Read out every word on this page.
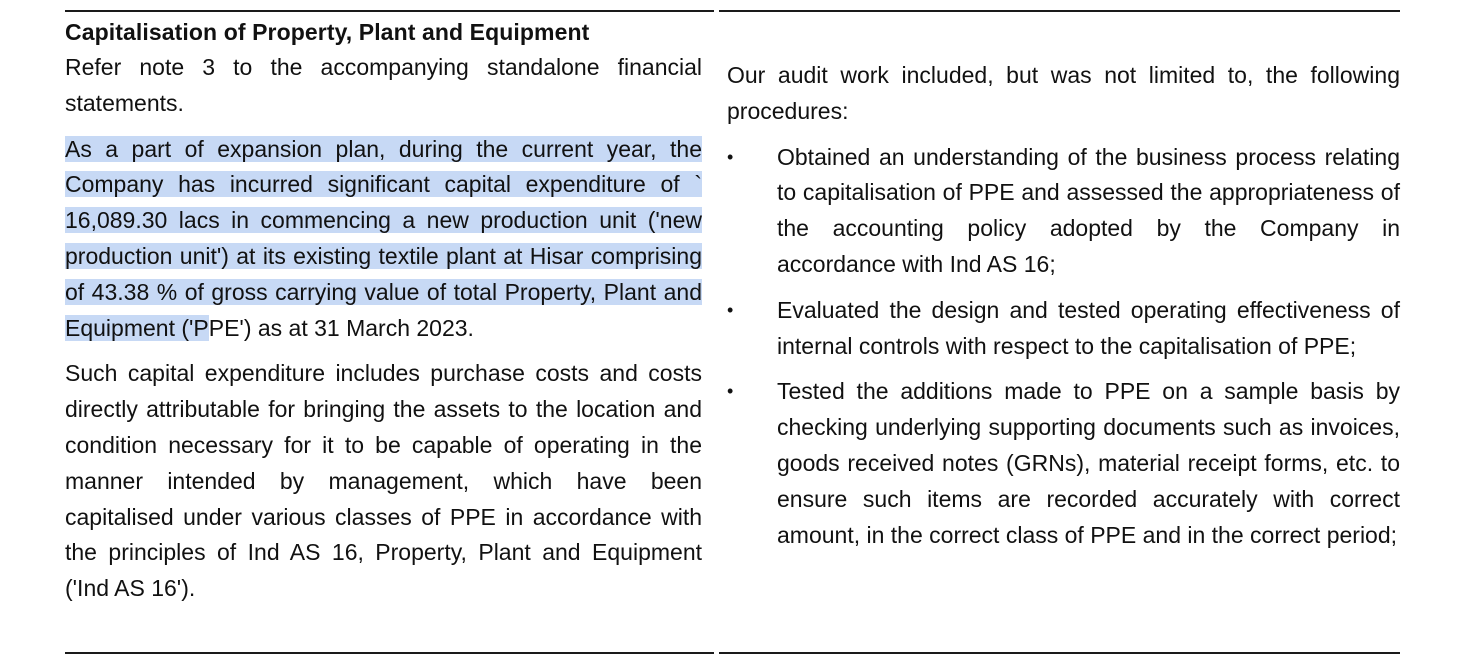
Capitalisation of Property, Plant and Equipment

Refer note 3 to the accompanying standalone financial statements.

As a part of expansion plan, during the current year, the Company has incurred significant capital expenditure of ` 16,089.30 lacs in commencing a new production unit ('new production unit') at its existing textile plant at Hisar comprising of 43.38 % of gross carrying value of total Property, Plant and Equipment ('PPE') as at 31 March 2023.

Such capital expenditure includes purchase costs and costs directly attributable for bringing the assets to the location and condition necessary for it to be capable of operating in the manner intended by management, which have been capitalised under various classes of PPE in accordance with the principles of Ind AS 16, Property, Plant and Equipment ('Ind AS 16').

Our audit work included, but was not limited to, the following procedures:

•	Obtained an understanding of the business process relating to capitalisation of PPE and assessed the appropriateness of the accounting policy adopted by the Company in accordance with Ind AS 16;
•	Evaluated the design and tested operating effectiveness of internal controls with respect to the capitalisation of PPE;
•	Tested the additions made to PPE on a sample basis by checking underlying supporting documents such as invoices, goods received notes (GRNs), material receipt forms, etc. to ensure such items are recorded accurately with correct amount, in the correct class of PPE and in the correct period;
